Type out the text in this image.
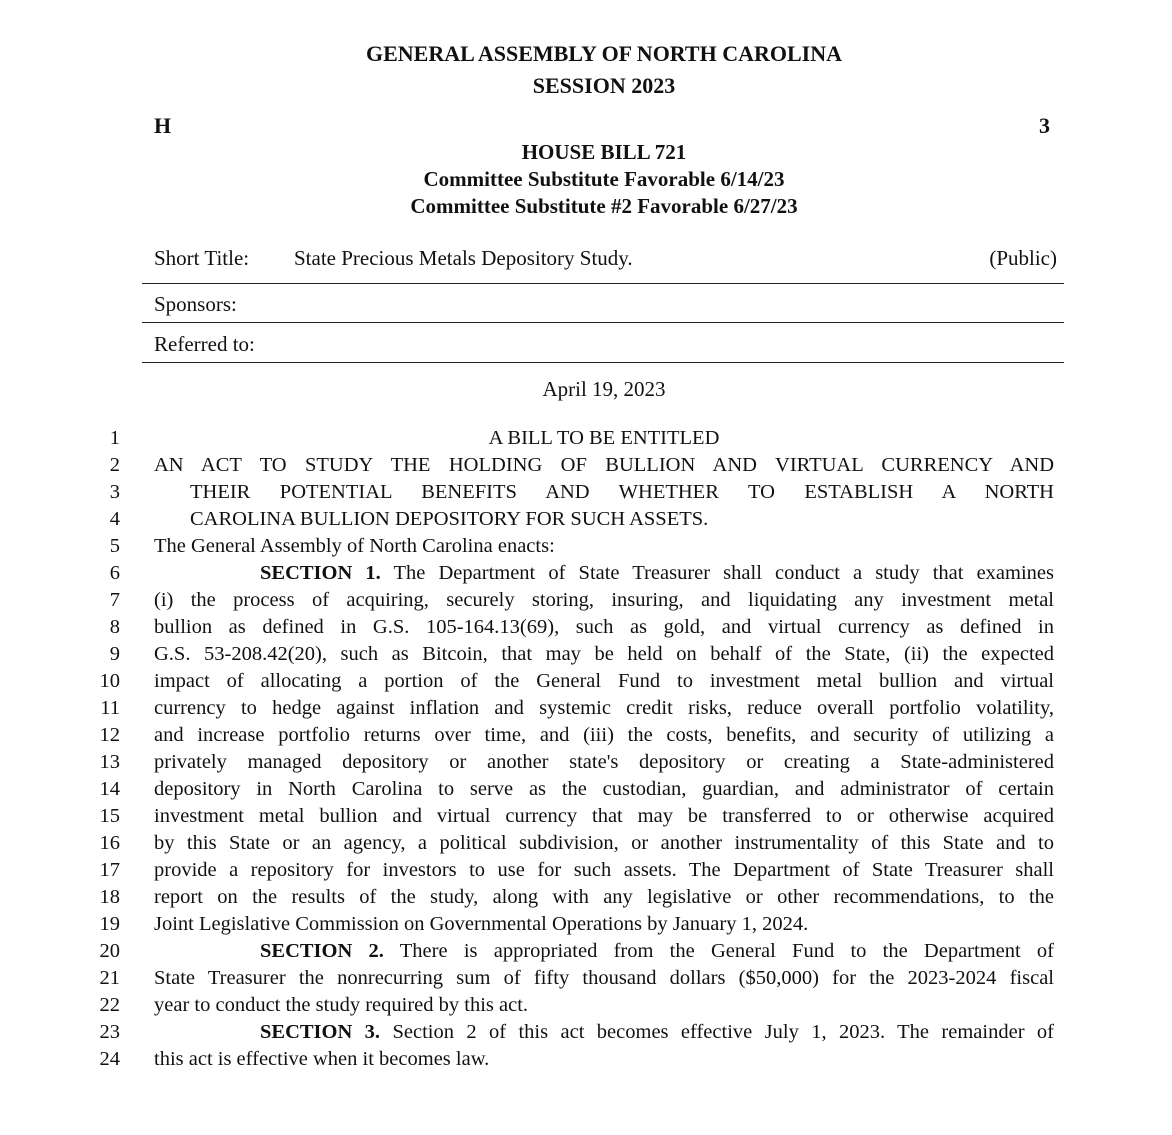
GENERAL ASSEMBLY OF NORTH CAROLINA
SESSION 2023
H	3
HOUSE BILL 721
Committee Substitute Favorable 6/14/23
Committee Substitute #2 Favorable 6/27/23
Short Title: State Precious Metals Depository Study.	(Public)
Sponsors:
Referred to:
April 19, 2023
1	A BILL TO BE ENTITLED
2 AN ACT TO STUDY THE HOLDING OF BULLION AND VIRTUAL CURRENCY AND
3	THEIR POTENTIAL BENEFITS AND WHETHER TO ESTABLISH A NORTH
4	CAROLINA BULLION DEPOSITORY FOR SUCH ASSETS.
5 The General Assembly of North Carolina enacts:
6	SECTION 1. The Department of State Treasurer shall conduct a study that examines
7 (i) the process of acquiring, securely storing, insuring, and liquidating any investment metal
8 bullion as defined in G.S. 105-164.13(69), such as gold, and virtual currency as defined in
9 G.S. 53-208.42(20), such as Bitcoin, that may be held on behalf of the State, (ii) the expected
10 impact of allocating a portion of the General Fund to investment metal bullion and virtual
11 currency to hedge against inflation and systemic credit risks, reduce overall portfolio volatility,
12 and increase portfolio returns over time, and (iii) the costs, benefits, and security of utilizing a
13 privately managed depository or another state's depository or creating a State-administered
14 depository in North Carolina to serve as the custodian, guardian, and administrator of certain
15 investment metal bullion and virtual currency that may be transferred to or otherwise acquired
16 by this State or an agency, a political subdivision, or another instrumentality of this State and to
17 provide a repository for investors to use for such assets. The Department of State Treasurer shall
18 report on the results of the study, along with any legislative or other recommendations, to the
19 Joint Legislative Commission on Governmental Operations by January 1, 2024.
20	SECTION 2. There is appropriated from the General Fund to the Department of
21 State Treasurer the nonrecurring sum of fifty thousand dollars ($50,000) for the 2023-2024 fiscal
22 year to conduct the study required by this act.
23	SECTION 3. Section 2 of this act becomes effective July 1, 2023. The remainder of
24 this act is effective when it becomes law.
